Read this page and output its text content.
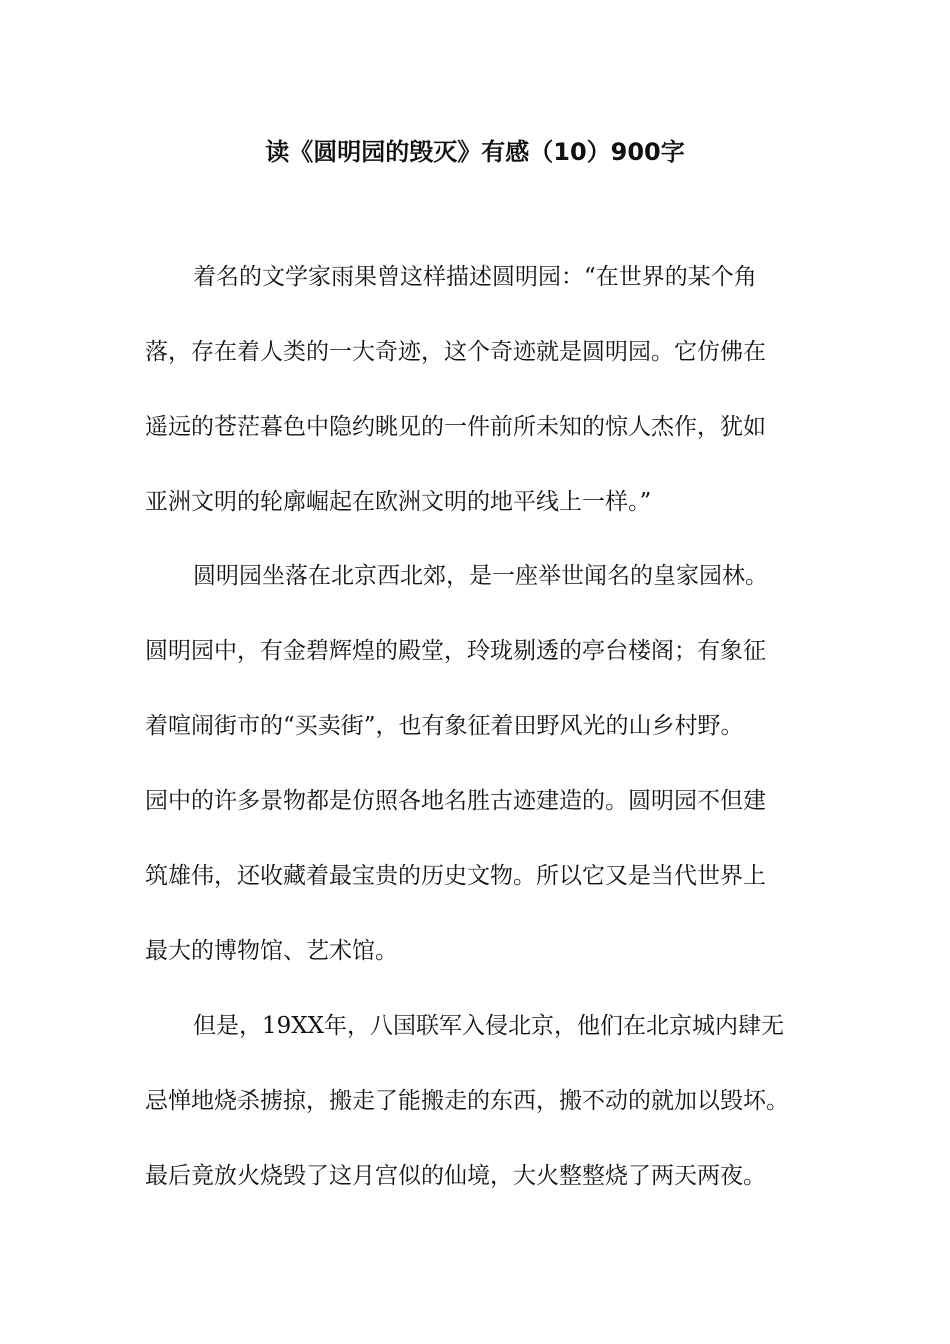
读《圆明园的毁灭》有感（10）900字

着名的文学家雨果曾这样描述圆明园：“在世界的某个角

落，存在着人类的一大奇迹，这个奇迹就是圆明园。它仿佛在

遥远的苍茫暮色中隐约眺见的一件前所未知的惊人杰作，犹如

亚洲文明的轮廓崛起在欧洲文明的地平线上一样。”

圆明园坐落在北京西北郊，是一座举世闻名的皇家园林。

圆明园中，有金碧辉煌的殿堂，玲珑剔透的亭台楼阁；有象征

着喧闹街市的“买卖街”，也有象征着田野风光的山乡村野。

园中的许多景物都是仿照各地名胜古迹建造的。圆明园不但建

筑雄伟，还收藏着最宝贵的历史文物。所以它又是当代世界上

最大的博物馆、艺术馆。

但是，19XX年，八国联军入侵北京，他们在北京城内肆无

忌惮地烧杀掳掠，搬走了能搬走的东西，搬不动的就加以毁坏。

最后竟放火烧毁了这月宫似的仙境，大火整整烧了两天两夜。
